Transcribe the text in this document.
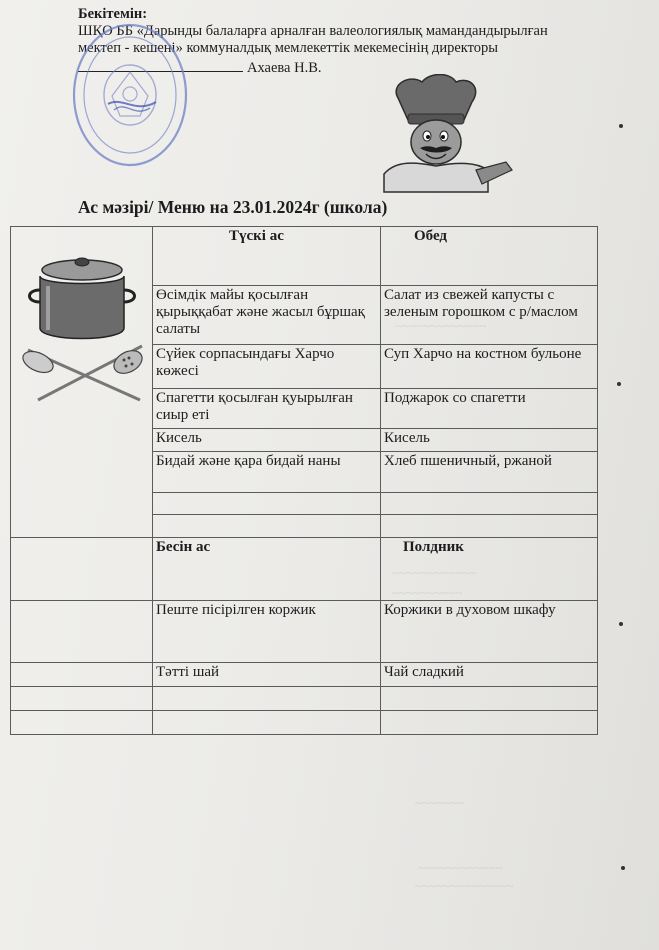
~~~~~~~~~~~~~
~~~~~~~~~~~~
~~~~~~~~~~
~~~~~~~
~~~~~~~~~~~~
~~~~~~~~~~~~~~
Бекітемін:
ШҚО ББ «Дарынды балаларға арналған валеологиялық мамандандырылған
мектеп - кешені» коммуналдық мемлекеттік мекемесінің директоры
Ахаева Н.В.
Ас мәзірі/ Меню на 23.01.2024г (школа)
	Түскі ас	Обед
	Өсімдік майы қосылған қырыққабат және жасыл бұршақ салаты	Салат из свежей капусты с зеленым горошком с р/маслом
	Сүйек сорпасындағы Харчо көжесі	Суп Харчо на костном бульоне
	Спагетти қосылған қуырылған сиыр еті	Поджарок со спагетти
	Кисель	Кисель
	Бидай және қара бидай наны	Хлеб пшеничный, ржаной

	Бесін ас	Полдник
	Пеште пісірілген коржик	Коржики в духовом шкафу
	Тәтті шай	Чай сладкий
